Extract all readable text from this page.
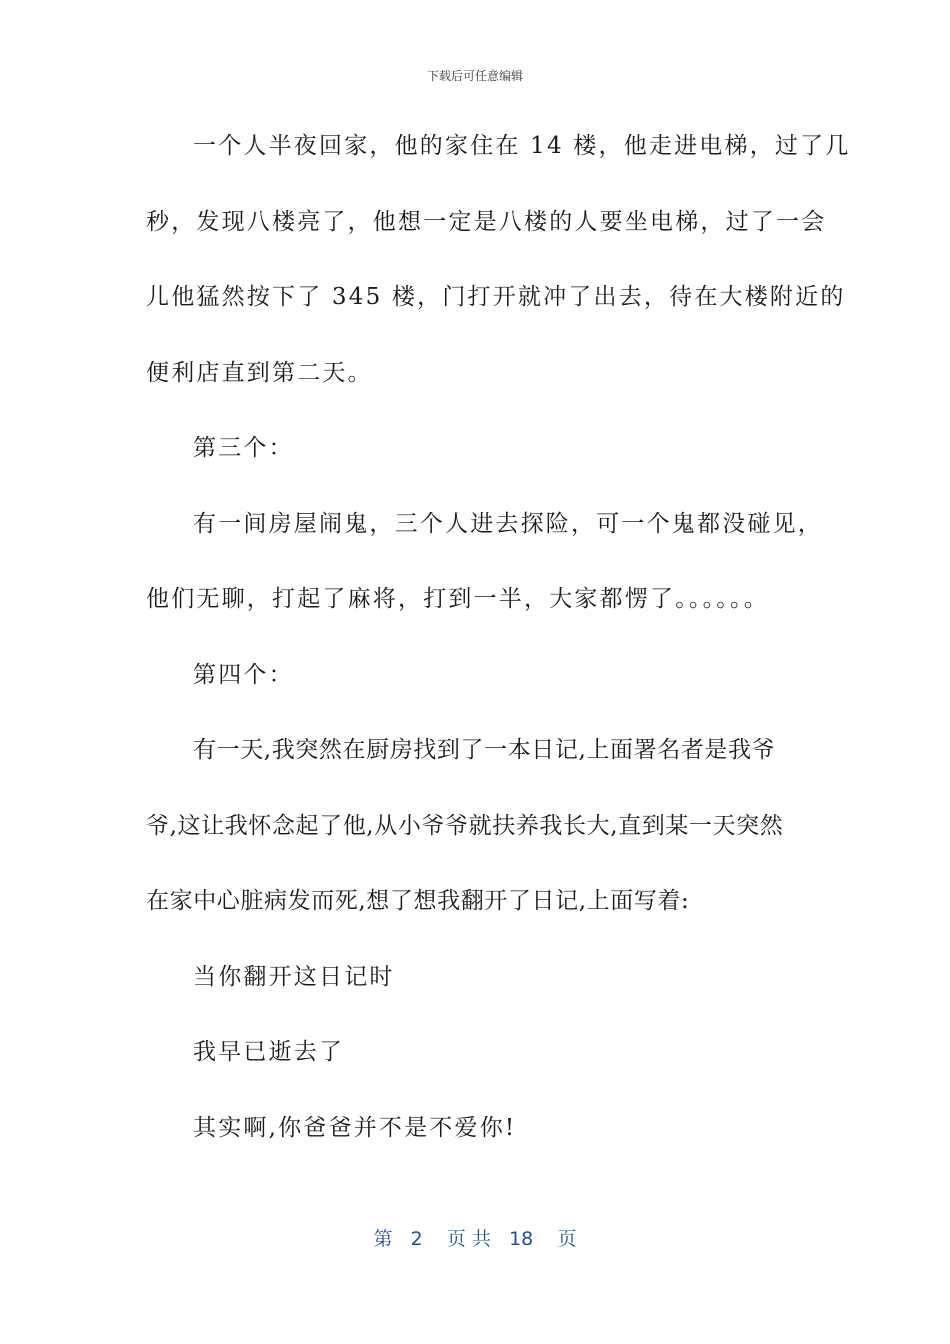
下载后可任意编辑
一个人半夜回家，他的家住在 14 楼，他走进电梯，过了几
秒，发现八楼亮了，他想一定是八楼的人要坐电梯，过了一会
儿他猛然按下了 345 楼，门打开就冲了出去，待在大楼附近的
便利店直到第二天。
第三个：
有一间房屋闹鬼，三个人进去探险，可一个鬼都没碰见，
他们无聊，打起了麻将，打到一半，大家都愣了。。。。。。
第四个：
有一天,我突然在厨房找到了一本日记,上面署名者是我爷
爷,这让我怀念起了他,从小爷爷就扶养我长大,直到某一天突然
在家中心脏病发而死,想了想我翻开了日记,上面写着:
当你翻开这日记时
我早已逝去了
其实啊,你爸爸并不是不爱你!
第 2 页 共 18 页
